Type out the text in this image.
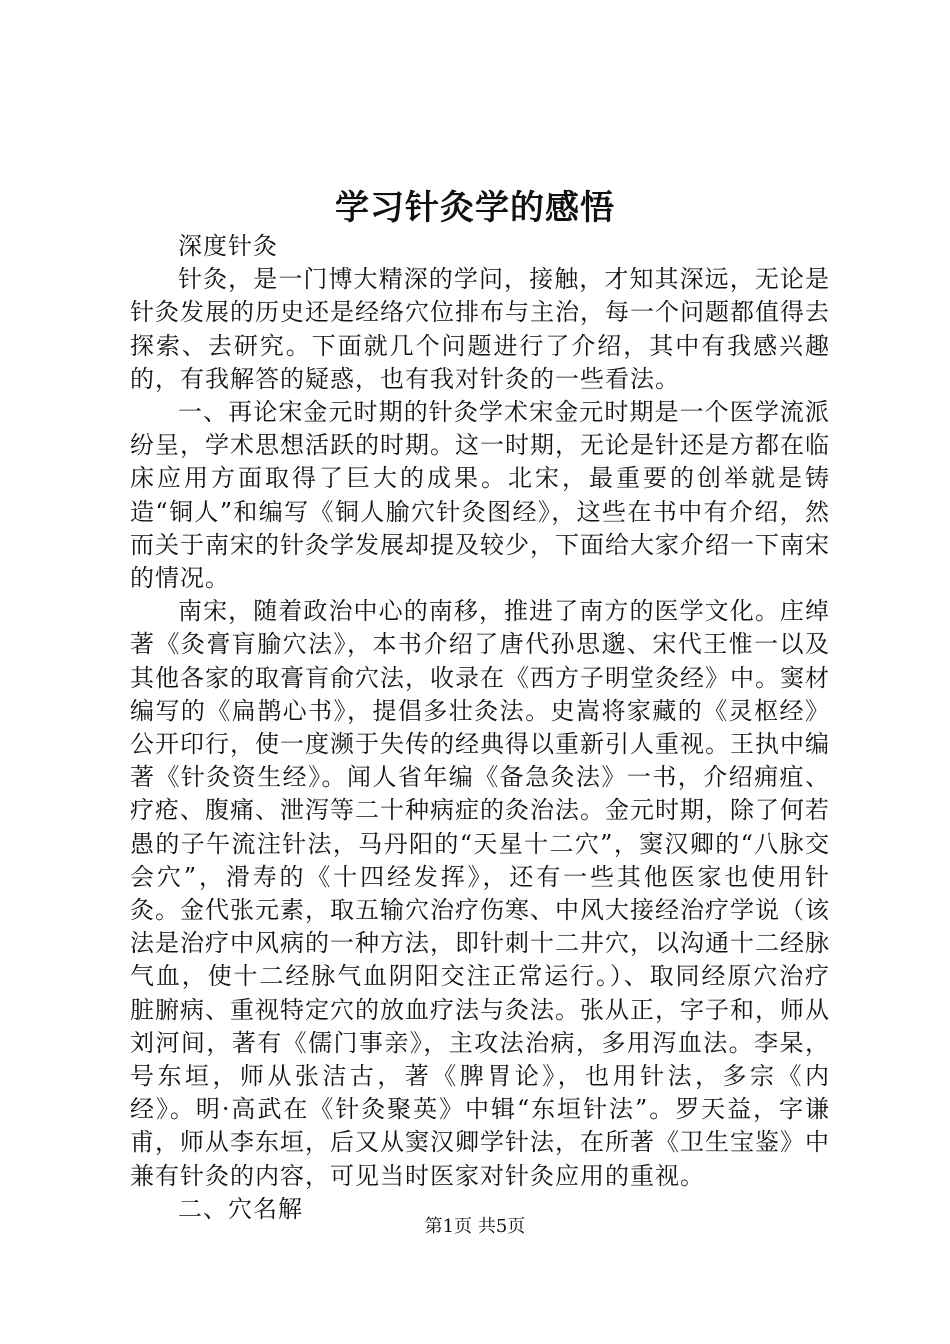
学习针灸学的感悟

深度针灸

针灸，是一门博大精深的学问，接触，才知其深远，无论是针灸发展的历史还是经络穴位排布与主治，每一个问题都值得去探索、去研究。下面就几个问题进行了介绍，其中有我感兴趣的，有我解答的疑惑，也有我对针灸的一些看法。

一、再论宋金元时期的针灸学术宋金元时期是一个医学流派纷呈，学术思想活跃的时期。这一时期，无论是针还是方都在临床应用方面取得了巨大的成果。北宋，最重要的创举就是铸造“铜人”和编写《铜人腧穴针灸图经》，这些在书中有介绍，然而关于南宋的针灸学发展却提及较少，下面给大家介绍一下南宋的情况。

南宋，随着政治中心的南移，推进了南方的医学文化。庄绰著《灸膏肓腧穴法》，本书介绍了唐代孙思邈、宋代王惟一以及其他各家的取膏肓俞穴法，收录在《西方子明堂灸经》中。窦材编写的《扁鹊心书》，提倡多壮灸法。史嵩将家藏的《灵枢经》公开印行，使一度濒于失传的经典得以重新引人重视。王执中编著《针灸资生经》。闻人省年编《备急灸法》一书，介绍痈疽、疗疮、腹痛、泄泻等二十种病症的灸治法。金元时期，除了何若愚的子午流注针法，马丹阳的“天星十二穴”，窦汉卿的“八脉交会穴”，滑寿的《十四经发挥》，还有一些其他医家也使用针灸。金代张元素，取五输穴治疗伤寒、中风大接经治疗学说（该法是治疗中风病的一种方法，即针刺十二井穴，以沟通十二经脉气血，使十二经脉气血阴阳交注正常运行。）、取同经原穴治疗脏腑病、重视特定穴的放血疗法与灸法。张从正，字子和，师从刘河间，著有《儒门事亲》，主攻法治病，多用泻血法。李杲，号东垣，师从张洁古，著《脾胃论》，也用针法，多宗《内经》。明·高武在《针灸聚英》中辑“东垣针法”。罗天益，字谦甫，师从李东垣，后又从窦汉卿学针法，在所著《卫生宝鉴》中兼有针灸的内容，可见当时医家对针灸应用的重视。

二、穴名解

第1页 共5页
